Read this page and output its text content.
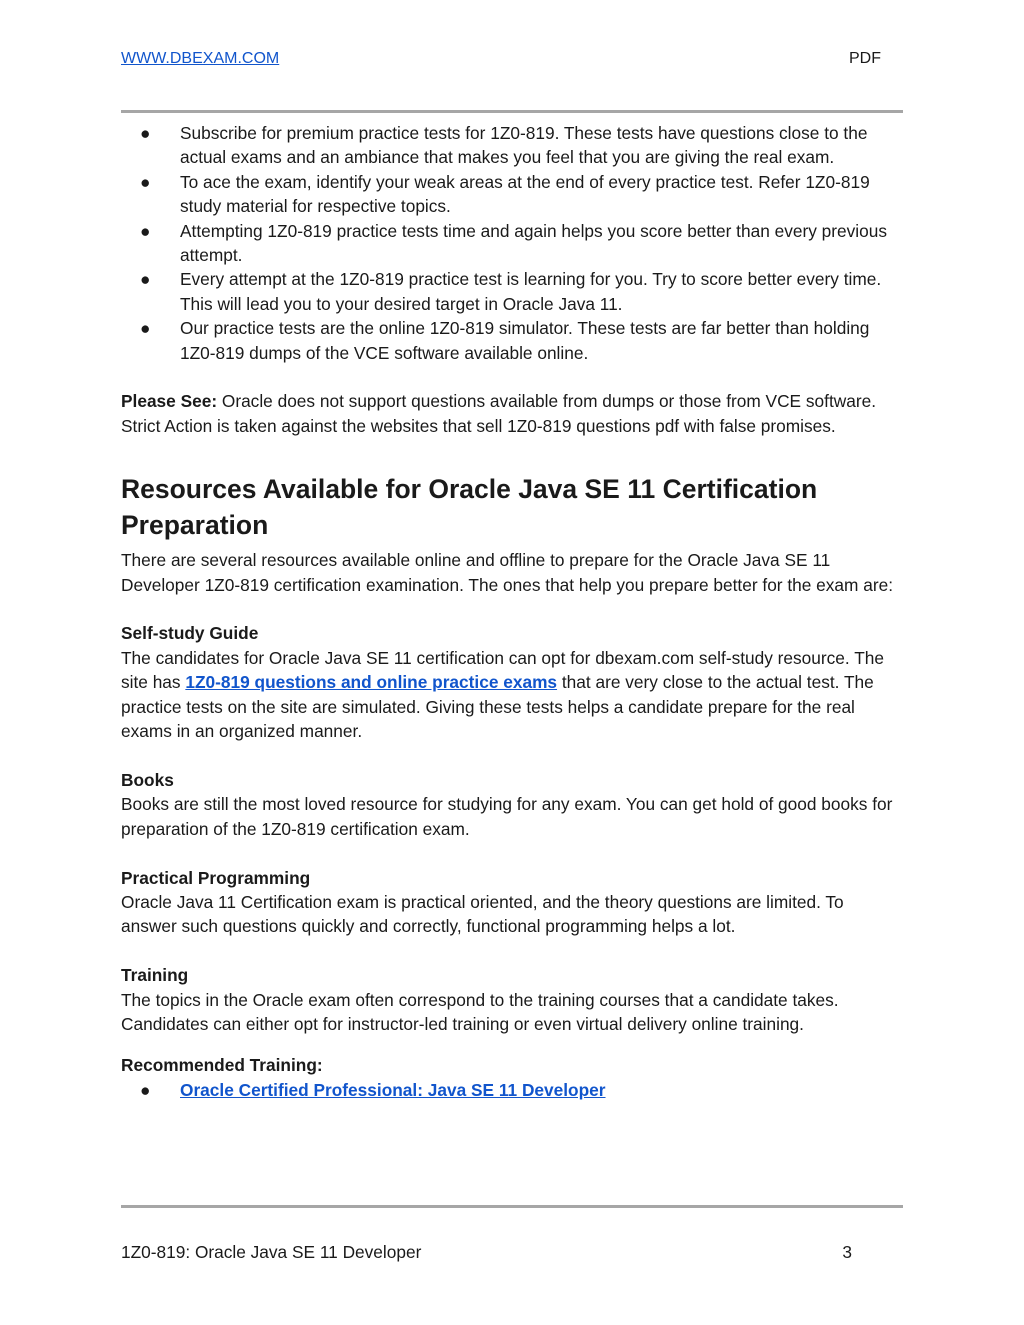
WWW.DBEXAM.COM	PDF
● Subscribe for premium practice tests for 1Z0-819. These tests have questions close to the actual exams and an ambiance that makes you feel that you are giving the real exam.
● To ace the exam, identify your weak areas at the end of every practice test. Refer 1Z0-819 study material for respective topics.
● Attempting 1Z0-819 practice tests time and again helps you score better than every previous attempt.
● Every attempt at the 1Z0-819 practice test is learning for you. Try to score better every time. This will lead you to your desired target in Oracle Java 11.
● Our practice tests are the online 1Z0-819 simulator. These tests are far better than holding 1Z0-819 dumps of the VCE software available online.

Please See: Oracle does not support questions available from dumps or those from VCE software. Strict Action is taken against the websites that sell 1Z0-819 questions pdf with false promises.

Resources Available for Oracle Java SE 11 Certification Preparation

There are several resources available online and offline to prepare for the Oracle Java SE 11 Developer 1Z0-819 certification examination. The ones that help you prepare better for the exam are:

Self-study Guide

The candidates for Oracle Java SE 11 certification can opt for dbexam.com self-study resource. The site has 1Z0-819 questions and online practice exams that are very close to the actual test. The practice tests on the site are simulated. Giving these tests helps a candidate prepare for the real exams in an organized manner.

Books

Books are still the most loved resource for studying for any exam. You can get hold of good books for preparation of the 1Z0-819 certification exam.

Practical Programming

Oracle Java 11 Certification exam is practical oriented, and the theory questions are limited. To answer such questions quickly and correctly, functional programming helps a lot.

Training

The topics in the Oracle exam often correspond to the training courses that a candidate takes. Candidates can either opt for instructor-led training or even virtual delivery online training.

Recommended Training:

● Oracle Certified Professional: Java SE 11 Developer
1Z0-819: Oracle Java SE 11 Developer	3
